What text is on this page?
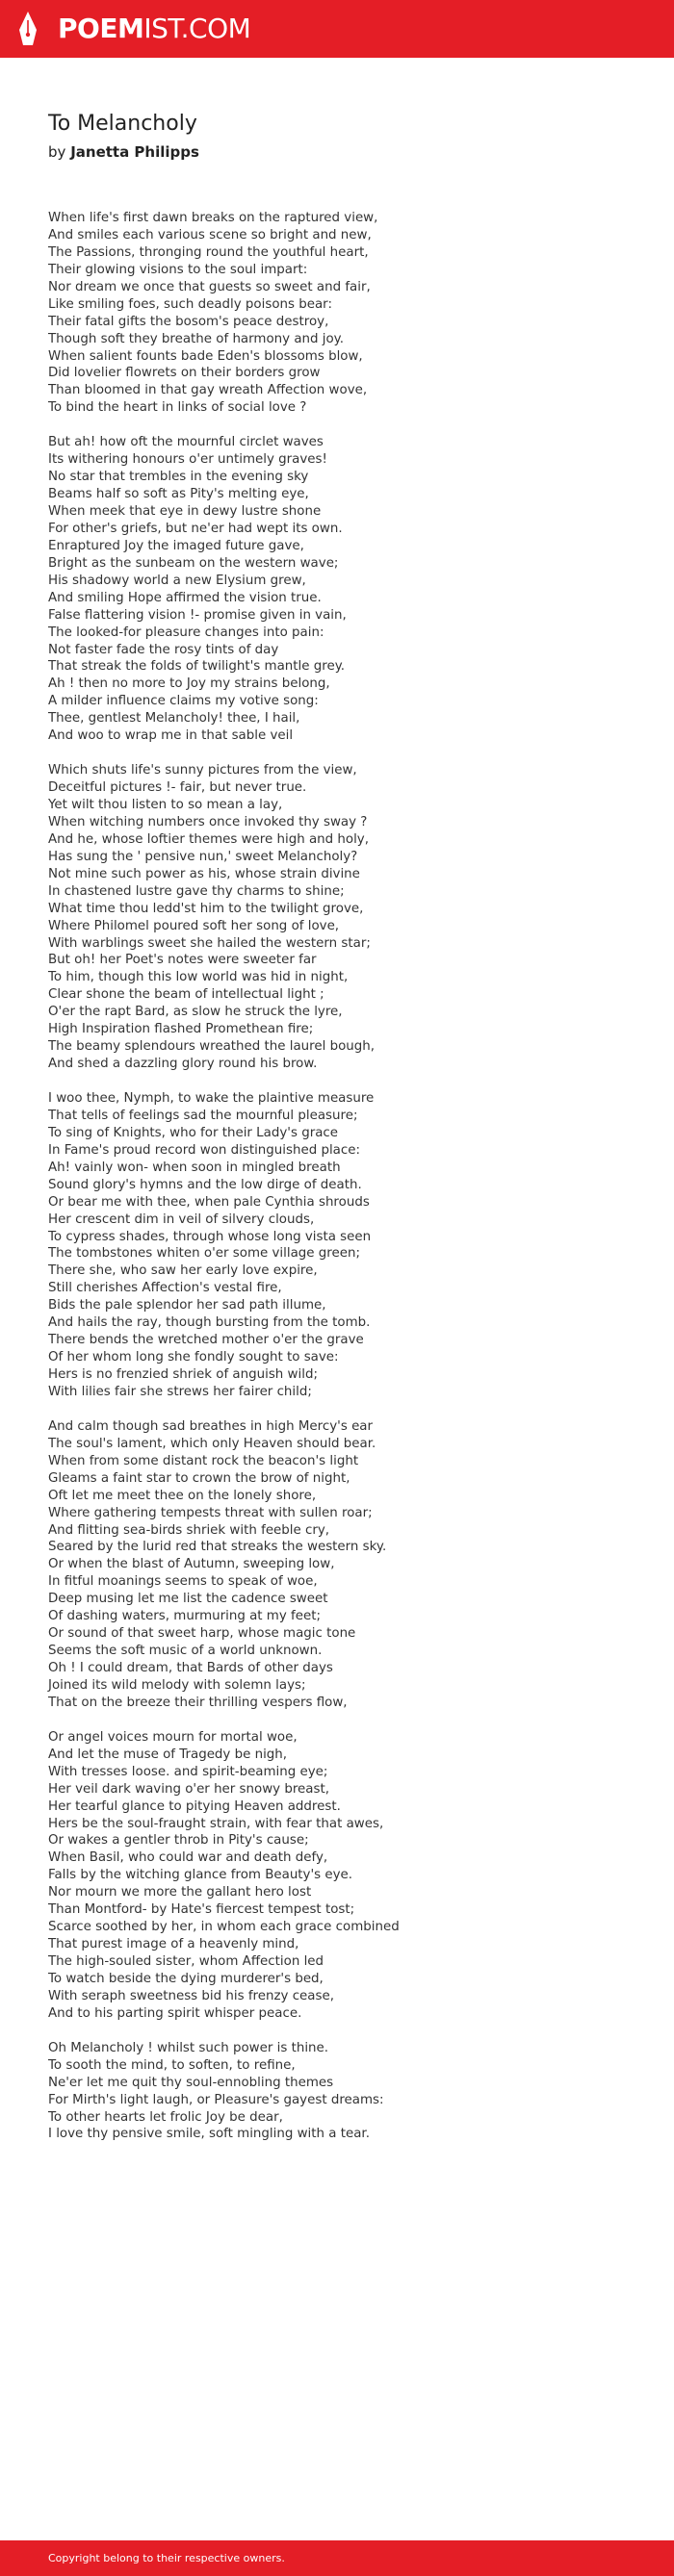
POEMIST.COM
To Melancholy
by Janetta Philipps
When life's first dawn breaks on the raptured view,
And smiles each various scene so bright and new,
The Passions, thronging round the youthful heart,
Their glowing visions to the soul impart:
Nor dream we once that guests so sweet and fair,
Like smiling foes, such deadly poisons bear:
Their fatal gifts the bosom's peace destroy,
Though soft they breathe of harmony and joy.
When salient founts bade Eden's blossoms blow,
Did lovelier flowrets on their borders grow
Than bloomed in that gay wreath Affection wove,
To bind the heart in links of social love ?
But ah! how oft the mournful circlet waves
Its withering honours o'er untimely graves!
No star that trembles in the evening sky
Beams half so soft as Pity's melting eye,
When meek that eye in dewy lustre shone
For other's griefs, but ne'er had wept its own.
Enraptured Joy the imaged future gave,
Bright as the sunbeam on the western wave;
His shadowy world a new Elysium grew,
And smiling Hope affirmed the vision true.
False flattering vision !- promise given in vain,
The looked-for pleasure changes into pain:
Not faster fade the rosy tints of day
That streak the folds of twilight's mantle grey.
Ah ! then no more to Joy my strains belong,
A milder influence claims my votive song:
Thee, gentlest Melancholy! thee, I hail,
And woo to wrap me in that sable veil
Which shuts life's sunny pictures from the view,
Deceitful pictures !- fair, but never true.
Yet wilt thou listen to so mean a lay,
When witching numbers once invoked thy sway ?
And he, whose loftier themes were high and holy,
Has sung the ' pensive nun,' sweet Melancholy?
Not mine such power as his, whose strain divine
In chastened lustre gave thy charms to shine;
What time thou ledd'st him to the twilight grove,
Where Philomel poured soft her song of love,
With warblings sweet she hailed the western star;
But oh! her Poet's notes were sweeter far
To him, though this low world was hid in night,
Clear shone the beam of intellectual light ;
O'er the rapt Bard, as slow he struck the lyre,
High Inspiration flashed Promethean fire;
The beamy splendours wreathed the laurel bough,
And shed a dazzling glory round his brow.
I woo thee, Nymph, to wake the plaintive measure
That tells of feelings sad the mournful pleasure;
To sing of Knights, who for their Lady's grace
In Fame's proud record won distinguished place:
Ah! vainly won- when soon in mingled breath
Sound glory's hymns and the low dirge of death.
Or bear me with thee, when pale Cynthia shrouds
Her crescent dim in veil of silvery clouds,
To cypress shades, through whose long vista seen
The tombstones whiten o'er some village green;
There she, who saw her early love expire,
Still cherishes Affection's vestal fire,
Bids the pale splendor her sad path illume,
And hails the ray, though bursting from the tomb.
There bends the wretched mother o'er the grave
Of her whom long she fondly sought to save:
Hers is no frenzied shriek of anguish wild;
With lilies fair she strews her fairer child;
And calm though sad breathes in high Mercy's ear
The soul's lament, which only Heaven should bear.
When from some distant rock the beacon's light
Gleams a faint star to crown the brow of night,
Oft let me meet thee on the lonely shore,
Where gathering tempests threat with sullen roar;
And flitting sea-birds shriek with feeble cry,
Seared by the lurid red that streaks the western sky.
Or when the blast of Autumn, sweeping low,
In fitful moanings seems to speak of woe,
Deep musing let me list the cadence sweet
Of dashing waters, murmuring at my feet;
Or sound of that sweet harp, whose magic tone
Seems the soft music of a world unknown.
Oh ! I could dream, that Bards of other days
Joined its wild melody with solemn lays;
That on the breeze their thrilling vespers flow,
Or angel voices mourn for mortal woe,
And let the muse of Tragedy be nigh,
With tresses loose. and spirit-beaming eye;
Her veil dark waving o'er her snowy breast,
Her tearful glance to pitying Heaven addrest.
Hers be the soul-fraught strain, with fear that awes,
Or wakes a gentler throb in Pity's cause;
When Basil, who could war and death defy,
Falls by the witching glance from Beauty's eye.
Nor mourn we more the gallant hero lost
Than Montford- by Hate's fiercest tempest tost;
Scarce soothed by her, in whom each grace combined
That purest image of a heavenly mind,
The high-souled sister, whom Affection led
To watch beside the dying murderer's bed,
With seraph sweetness bid his frenzy cease,
And to his parting spirit whisper peace.
Oh Melancholy ! whilst such power is thine.
To sooth the mind, to soften, to refine,
Ne'er let me quit thy soul-ennobling themes
For Mirth's light laugh, or Pleasure's gayest dreams:
To other hearts let frolic Joy be dear,
I love thy pensive smile, soft mingling with a tear.
Copyright belong to their respective owners.
